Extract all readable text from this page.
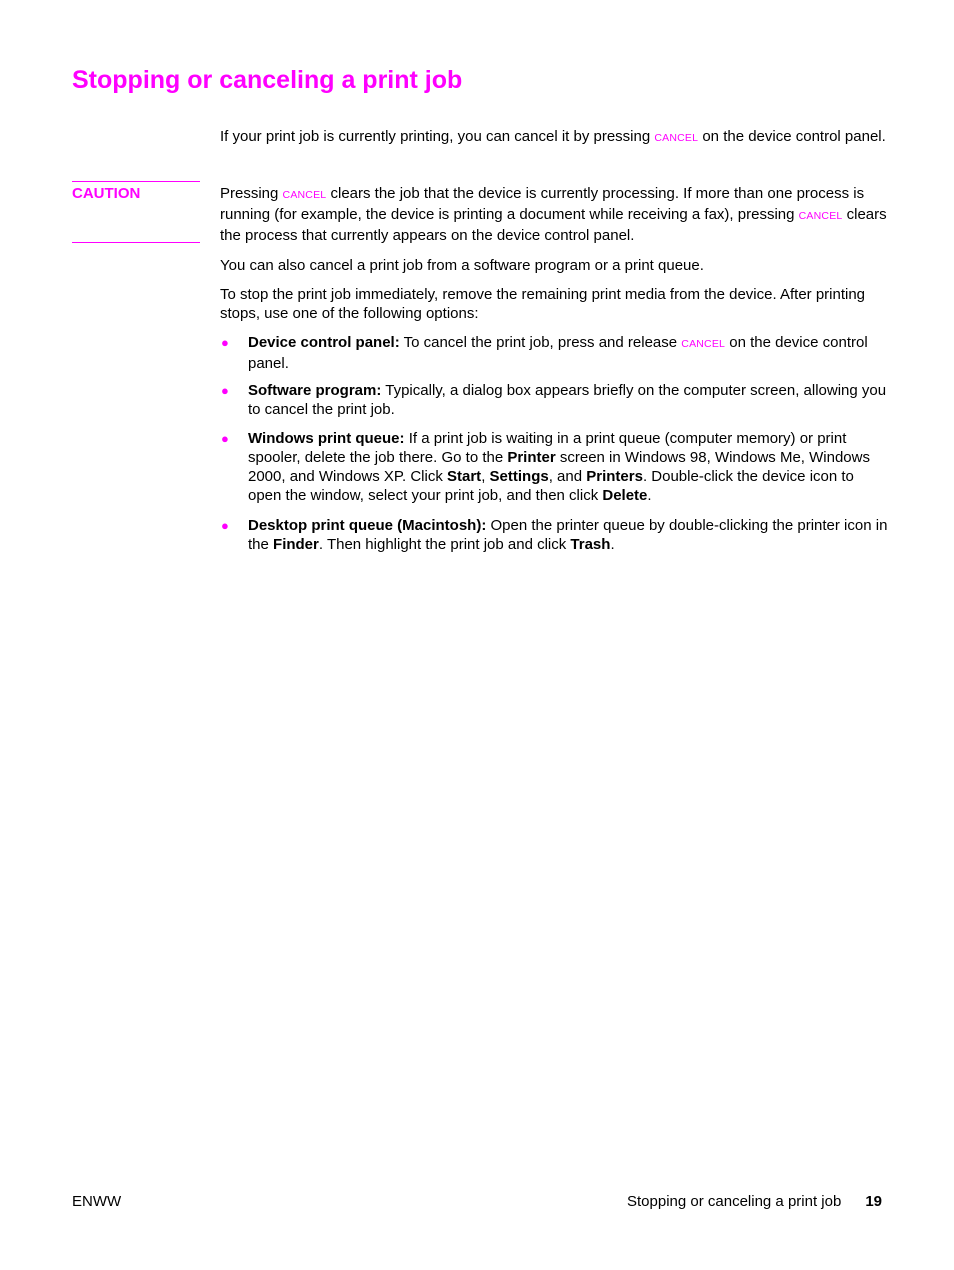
Stopping or canceling a print job

If your print job is currently printing, you can cancel it by pressing CANCEL on the device control panel.

CAUTION	Pressing CANCEL clears the job that the device is currently processing. If more than one process is running (for example, the device is printing a document while receiving a fax), pressing CANCEL clears the process that currently appears on the device control panel.

You can also cancel a print job from a software program or a print queue.

To stop the print job immediately, remove the remaining print media from the device. After printing stops, use one of the following options:

● Device control panel: To cancel the print job, press and release CANCEL on the device control panel.
● Software program: Typically, a dialog box appears briefly on the computer screen, allowing you to cancel the print job.
● Windows print queue: If a print job is waiting in a print queue (computer memory) or print spooler, delete the job there. Go to the Printer screen in Windows 98, Windows Me, Windows 2000, and Windows XP. Click Start, Settings, and Printers. Double-click the device icon to open the window, select your print job, and then click Delete.
● Desktop print queue (Macintosh): Open the printer queue by double-clicking the printer icon in the Finder. Then highlight the print job and click Trash.
ENWW	Stopping or canceling a print job 19
